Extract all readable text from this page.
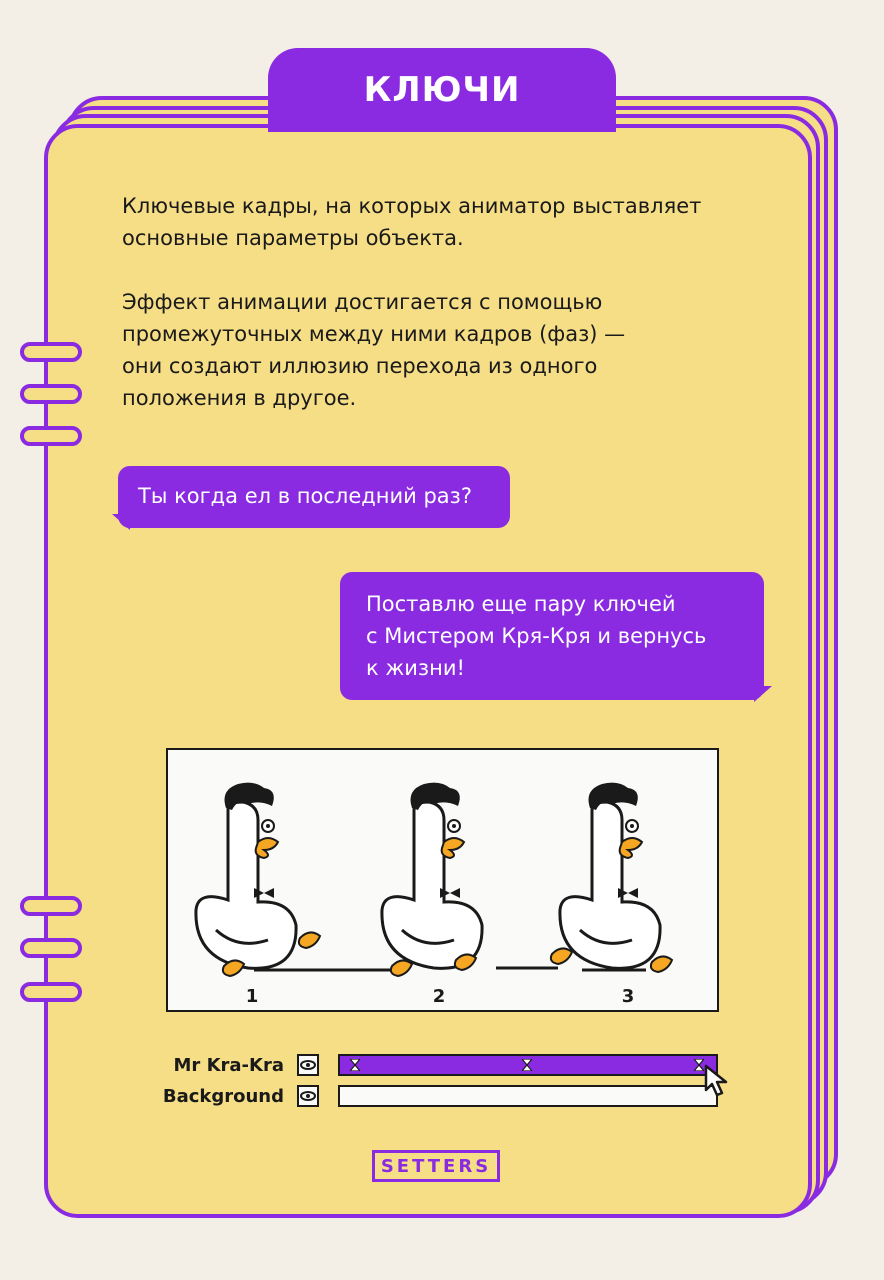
КЛЮЧИ
Ключевые кадры, на которых аниматор выставляет
основные параметры объекта.
Эффект анимации достигается с помощью
промежуточных между ними кадров (фаз) —
они создают иллюзию перехода из одного
положения в другое.
Ты когда ел в последний раз?
Поставлю еще пару ключей
с Мистером Кря-Кря и вернусь
к жизни!
1	2	3
Mr Kra-Kra
Background
SETTERS
